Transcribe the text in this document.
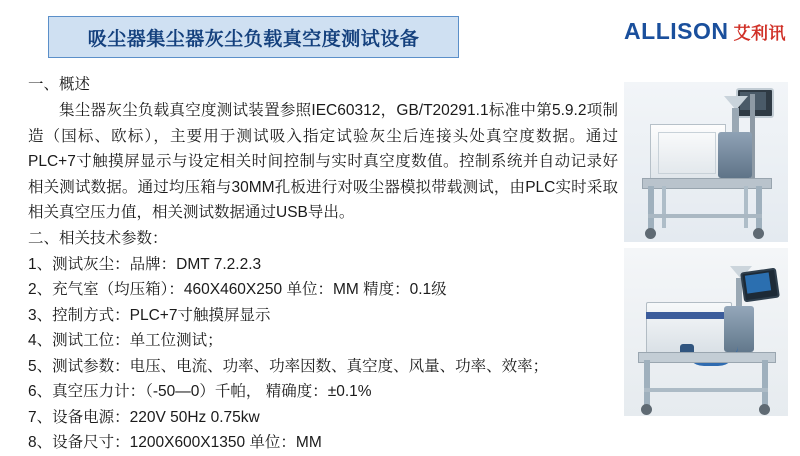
吸尘器集尘器灰尘负载真空度测试设备	ALLISON 艾利讯

一、概述

集尘器灰尘负载真空度测试装置参照IEC60312，GB/T20291.1标准中第5.9.2项制造（国标、欧标），主要用于测试吸入指定试验灰尘后连接头处真空度数据。通过PLC+7寸触摸屏显示与设定相关时间控制与实时真空度数值。控制系统并自动记录好相关测试数据。通过均压箱与30MM孔板进行对吸尘器模拟带载测试，由PLC实时采取相关真空压力值，相关测试数据通过USB导出。

二、相关技术参数：

1、测试灰尘：品牌：DMT 7.2.2.3
2、充气室（均压箱）：460X460X250 单位：MM 精度：0.1级
3、控制方式：PLC+7寸触摸屏显示
4、测试工位：单工位测试；
5、测试参数：电压、电流、功率、功率因数、真空度、风量、功率、效率；
6、真空压力计：（-50—0）千帕， 精确度：±0.1%
7、设备电源：220V 50Hz 0.75kw
8、设备尺寸：1200X600X1350 单位：MM
